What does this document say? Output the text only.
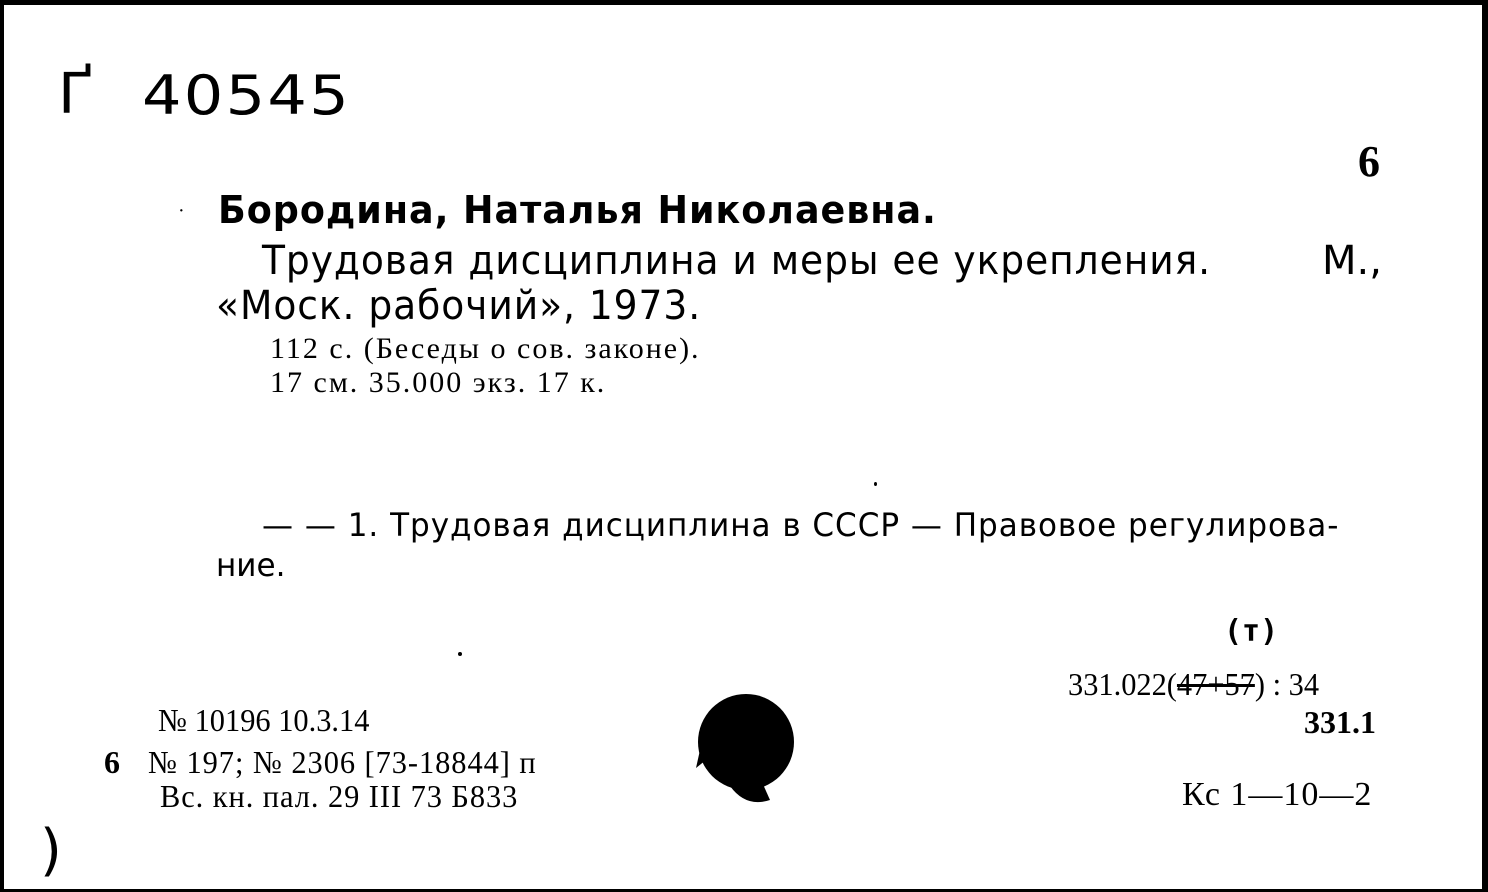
Ґ 40545
6
· Бородина, Наталья Николаевна.
Трудовая дисциплина и меры ее укрепления.	М.,
«Моск. рабочий», 1973.
112 с. (Беседы о сов. законе).
17 см. 35.000 экз. 17 к.
— — 1. Трудовая дисциплина в СССР — Правовое регулирова-
ние.
(т)
331.022(47+57) : 34
331.1
Кс 1—10—2
№ 10196 10.3.14
6 № 197; № 2306 [73-18844] п
Вс. кн. пал. 29 III 73 Б833
)
